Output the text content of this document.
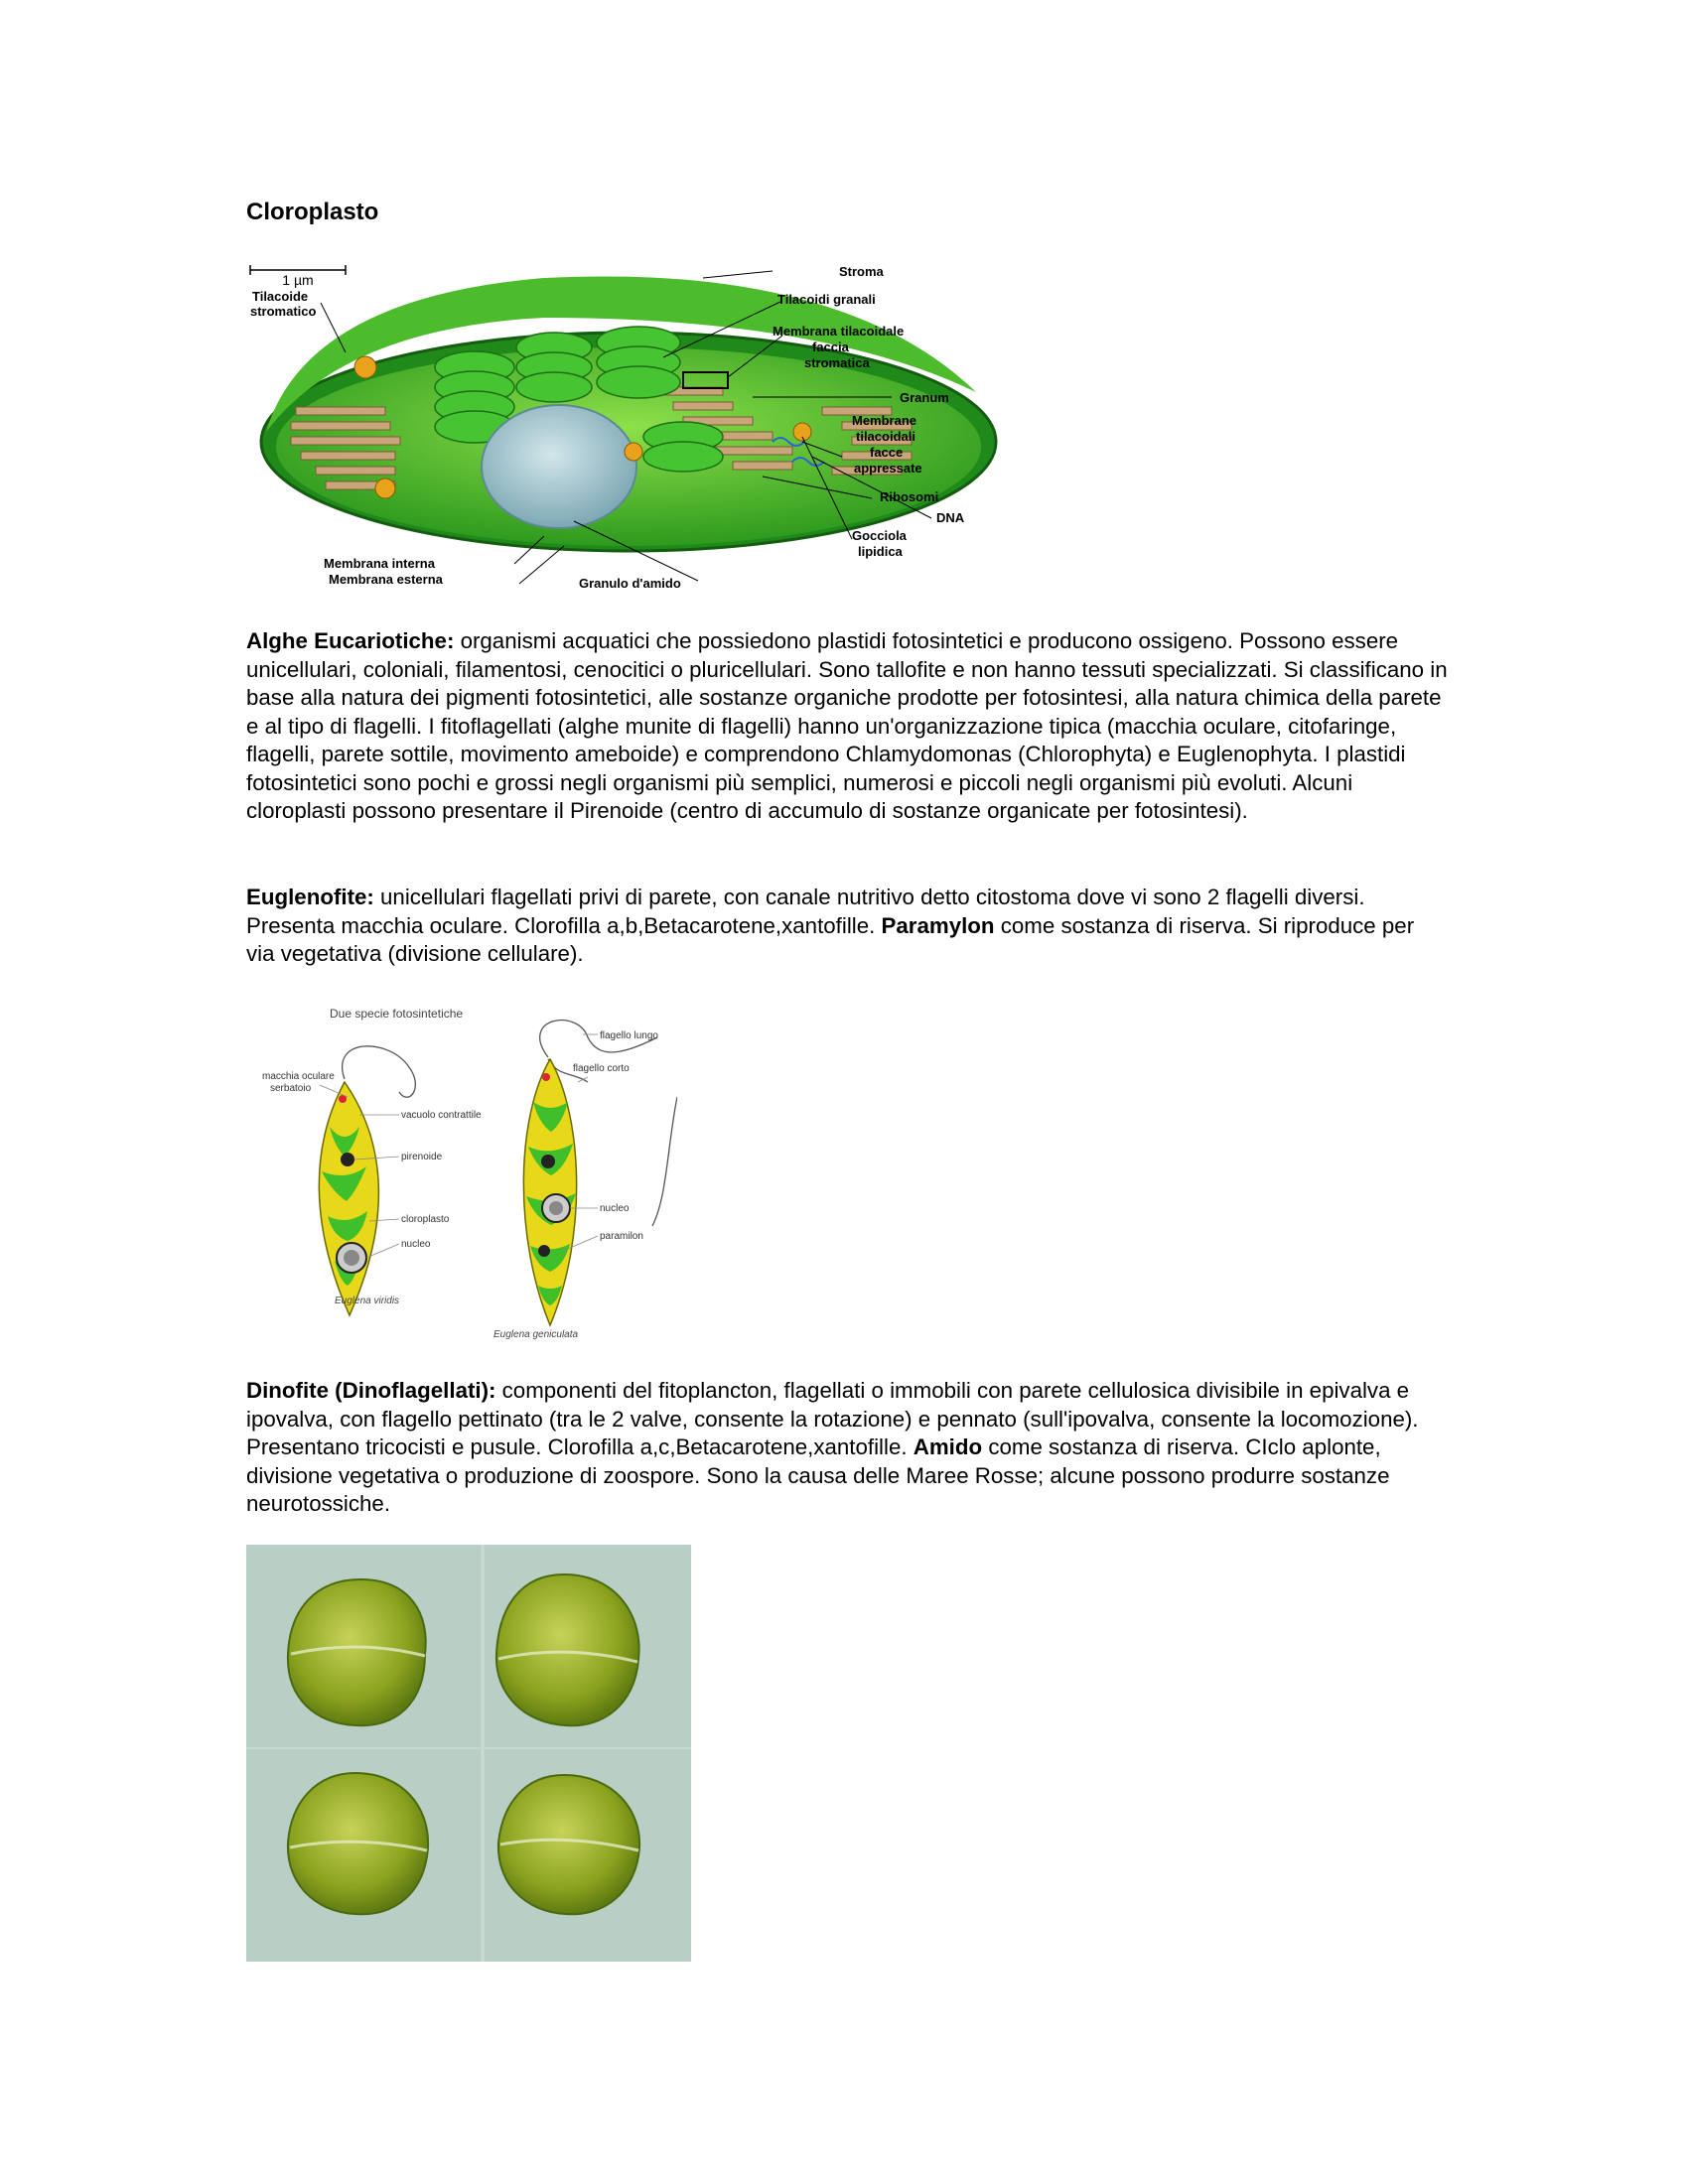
Cloroplasto
1 µm
Tilacoide stromatico
Stroma
Tilacoidi granali
Membrana tilacoidale faccia stromatica
Granum
Membrane tilacoidali facce appressate
Ribosomi
DNA
Gocciola lipidica
Membrana interna
Membrana esterna	Granulo d'amido

Alghe Eucariotiche: organismi acquatici che possiedono plastidi fotosintetici e producono ossigeno. Possono essere unicellulari, coloniali, filamentosi, cenocitici o pluricellulari. Sono tallofite e non hanno tessuti specializzati. Si classificano in base alla natura dei pigmenti fotosintetici, alle sostanze organiche prodotte per fotosintesi, alla natura chimica della parete e al tipo di flagelli. I fitoflagellati (alghe munite di flagelli) hanno un'organizzazione tipica (macchia oculare, citofaringe, flagelli, parete sottile, movimento ameboide) e comprendono Chlamydomonas (Chlorophyta) e Euglenophyta. I plastidi fotosintetici sono pochi e grossi negli organismi più semplici, numerosi e piccoli negli organismi più evoluti. Alcuni cloroplasti possono presentare il Pirenoide (centro di accumulo di sostanze organicate per fotosintesi).

Euglenofite: unicellulari flagellati privi di parete, con canale nutritivo detto citostoma dove vi sono 2 flagelli diversi. Presenta macchia oculare. Clorofilla a,b,Betacarotene,xantofille. Paramylon come sostanza di riserva. Si riproduce per via vegetativa (divisione cellulare).

Due specie fotosintetiche
macchia oculare
serbatoio
vacuolo contrattile
pirenoide
cloroplasto
nucleo
flagello lungo
flagello corto
nucleo
paramilon
Euglena viridis
Euglena geniculata

Dinofite (Dinoflagellati): componenti del fitoplancton, flagellati o immobili con parete cellulosica divisibile in epivalva e ipovalva, con flagello pettinato (tra le 2 valve, consente la rotazione) e pennato (sull'ipovalva, consente la locomozione). Presentano tricocisti e pusule. Clorofilla a,c,Betacarotene,xantofille. Amido come sostanza di riserva. CIclo aplonte, divisione vegetativa o produzione di zoospore. Sono la causa delle Maree Rosse; alcune possono produrre sostanze neurotossiche.
